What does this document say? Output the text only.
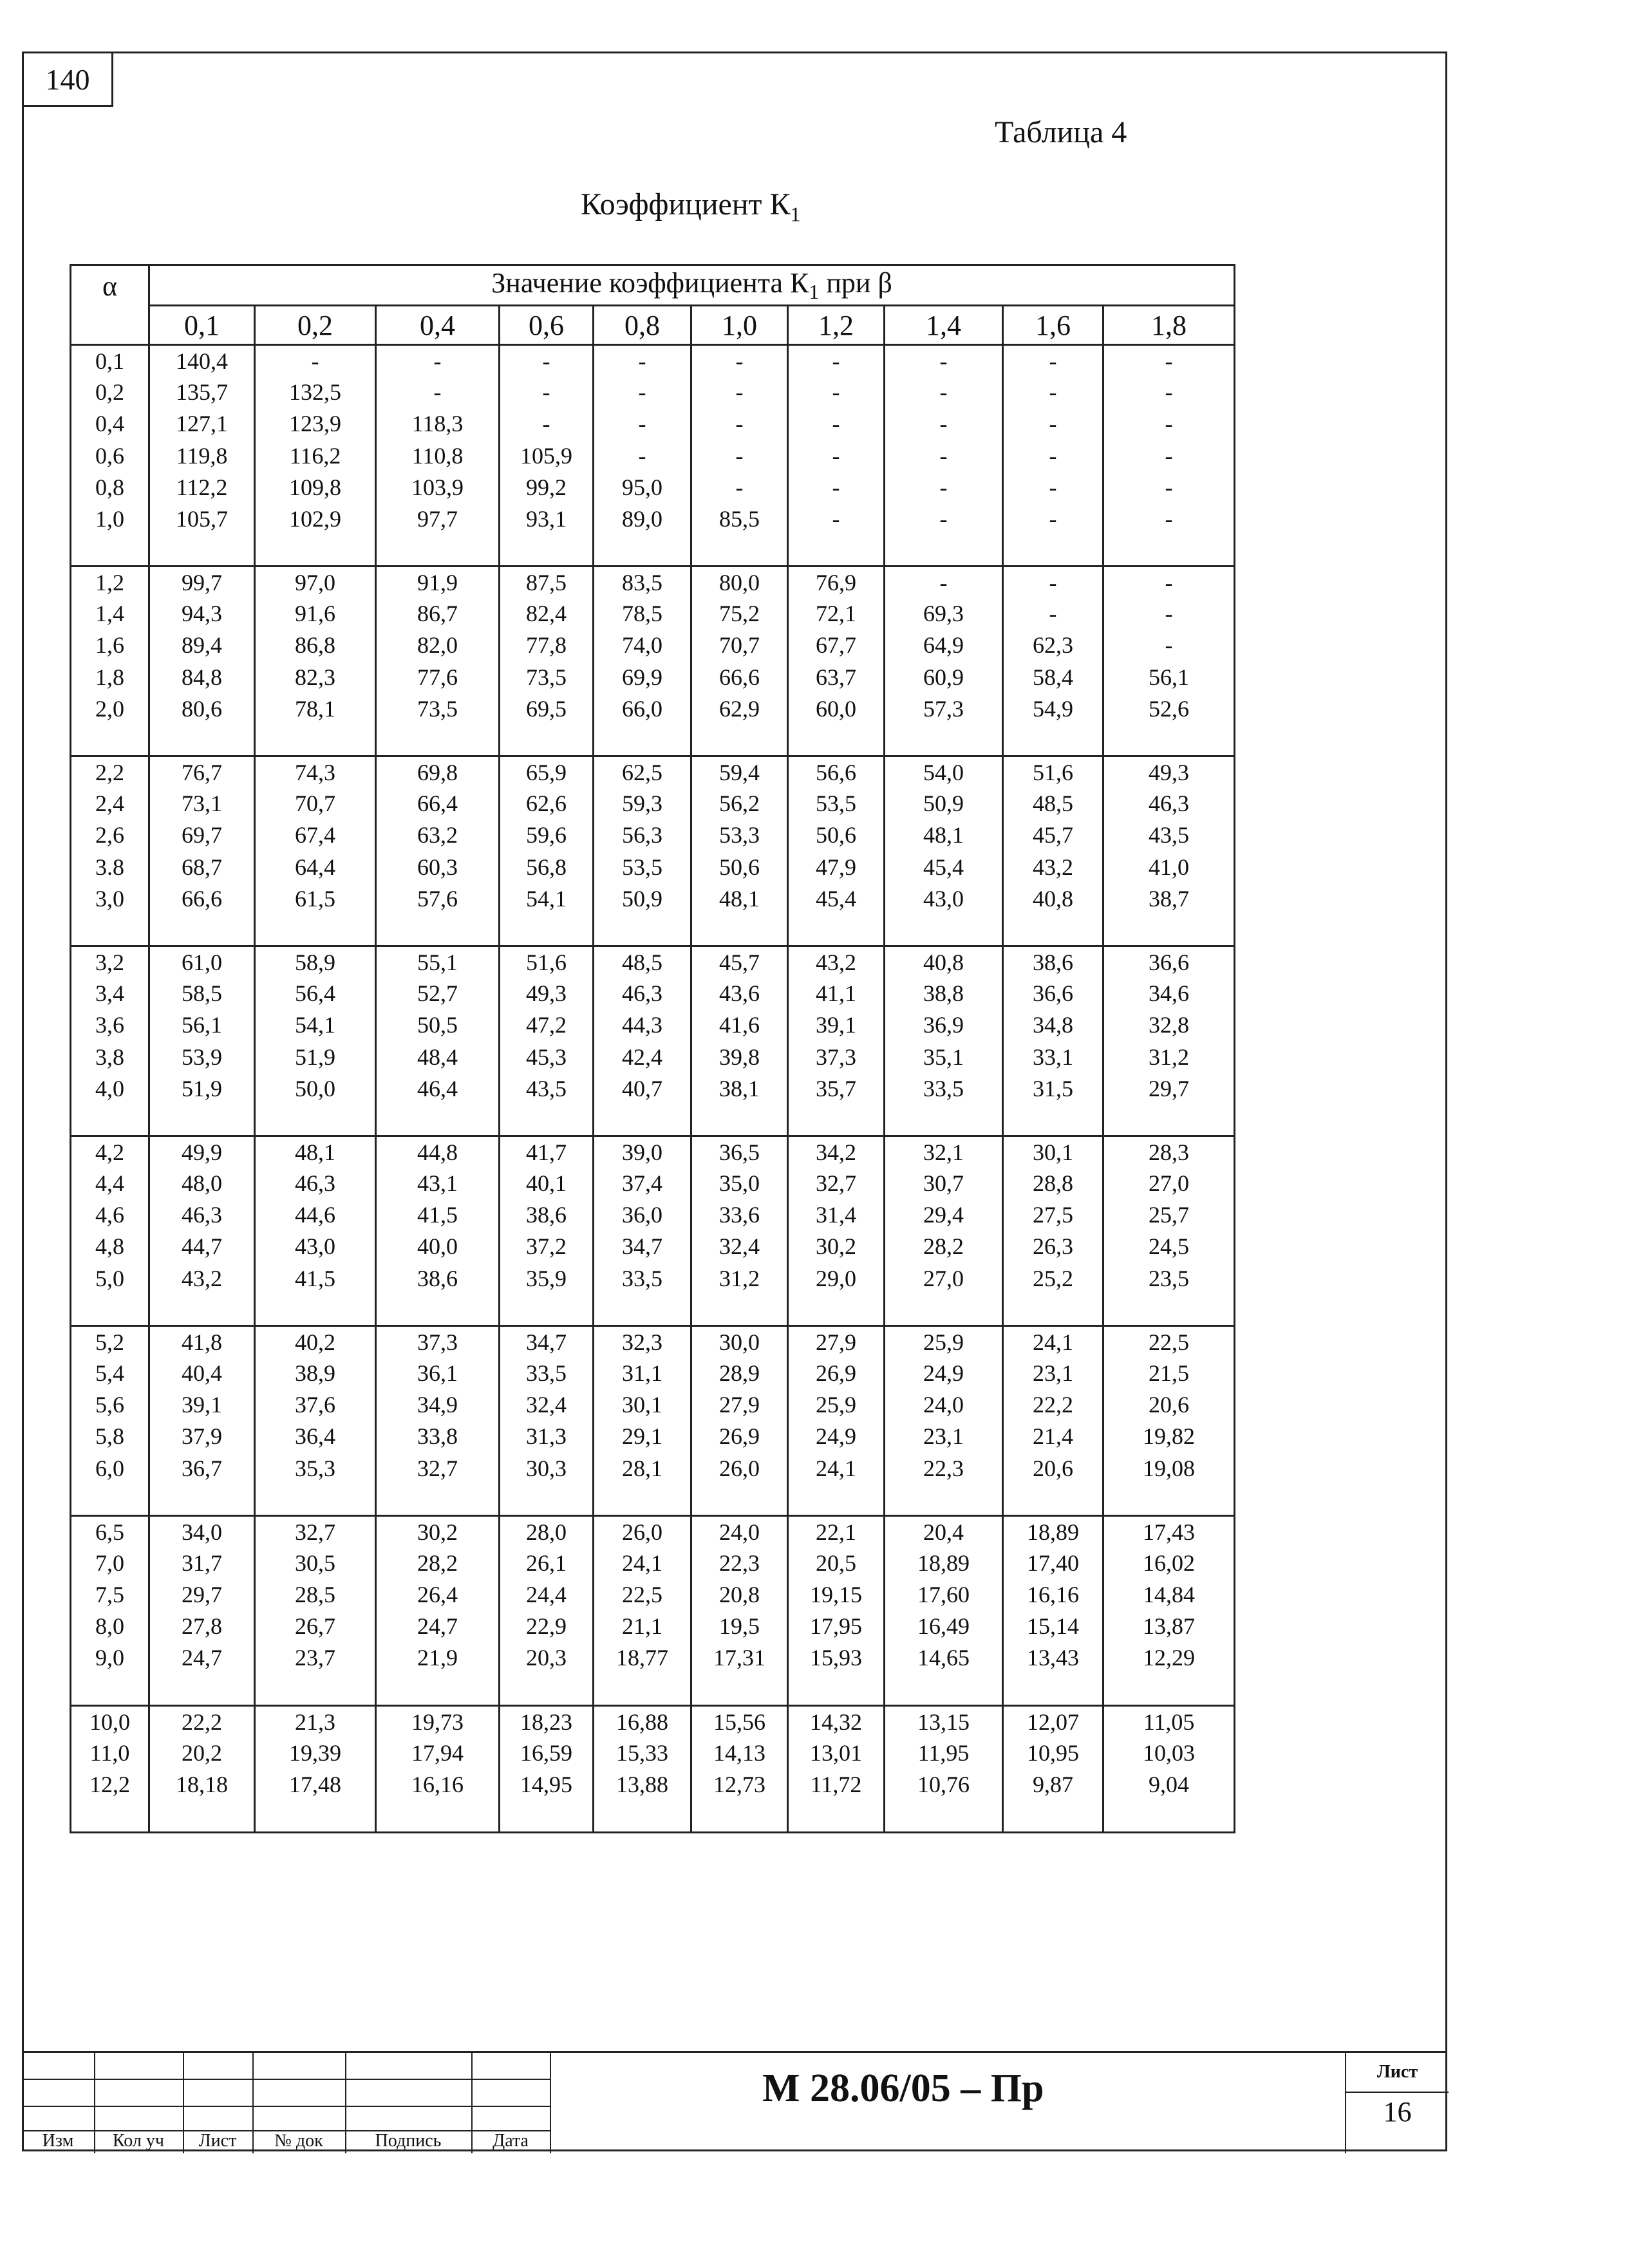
140
Таблица 4
Коэффициент $К_1$
α	Значение коэффициента $К_1$ при β									
	0,1	0,2	0,4	0,6	0,8	1,0	1,2	1,4	1,6	1,8
0,1	140,4	-	-	-	-	-	-	-	-	-
0,2	135,7	132,5	-	-	-	-	-	-	-	-
0,4	127,1	123,9	118,3	-	-	-	-	-	-	-
0,6	119,8	116,2	110,8	105,9	-	-	-	-	-	-
0,8	112,2	109,8	103,9	99,2	95,0	-	-	-	-	-
1,0	105,7	102,9	97,7	93,1	89,0	85,5	-	-	-	-

1,2	99,7	97,0	91,9	87,5	83,5	80,0	76,9	-	-	-
1,4	94,3	91,6	86,7	82,4	78,5	75,2	72,1	69,3	-	-
1,6	89,4	86,8	82,0	77,8	74,0	70,7	67,7	64,9	62,3	-
1,8	84,8	82,3	77,6	73,5	69,9	66,6	63,7	60,9	58,4	56,1
2,0	80,6	78,1	73,5	69,5	66,0	62,9	60,0	57,3	54,9	52,6

2,2	76,7	74,3	69,8	65,9	62,5	59,4	56,6	54,0	51,6	49,3
2,4	73,1	70,7	66,4	62,6	59,3	56,2	53,5	50,9	48,5	46,3
2,6	69,7	67,4	63,2	59,6	56,3	53,3	50,6	48,1	45,7	43,5
3.8	68,7	64,4	60,3	56,8	53,5	50,6	47,9	45,4	43,2	41,0
3,0	66,6	61,5	57,6	54,1	50,9	48,1	45,4	43,0	40,8	38,7

3,2	61,0	58,9	55,1	51,6	48,5	45,7	43,2	40,8	38,6	36,6
3,4	58,5	56,4	52,7	49,3	46,3	43,6	41,1	38,8	36,6	34,6
3,6	56,1	54,1	50,5	47,2	44,3	41,6	39,1	36,9	34,8	32,8
3,8	53,9	51,9	48,4	45,3	42,4	39,8	37,3	35,1	33,1	31,2
4,0	51,9	50,0	46,4	43,5	40,7	38,1	35,7	33,5	31,5	29,7

4,2	49,9	48,1	44,8	41,7	39,0	36,5	34,2	32,1	30,1	28,3
4,4	48,0	46,3	43,1	40,1	37,4	35,0	32,7	30,7	28,8	27,0
4,6	46,3	44,6	41,5	38,6	36,0	33,6	31,4	29,4	27,5	25,7
4,8	44,7	43,0	40,0	37,2	34,7	32,4	30,2	28,2	26,3	24,5
5,0	43,2	41,5	38,6	35,9	33,5	31,2	29,0	27,0	25,2	23,5

5,2	41,8	40,2	37,3	34,7	32,3	30,0	27,9	25,9	24,1	22,5
5,4	40,4	38,9	36,1	33,5	31,1	28,9	26,9	24,9	23,1	21,5
5,6	39,1	37,6	34,9	32,4	30,1	27,9	25,9	24,0	22,2	20,6
5,8	37,9	36,4	33,8	31,3	29,1	26,9	24,9	23,1	21,4	19,82
6,0	36,7	35,3	32,7	30,3	28,1	26,0	24,1	22,3	20,6	19,08

6,5	34,0	32,7	30,2	28,0	26,0	24,0	22,1	20,4	18,89	17,43
7,0	31,7	30,5	28,2	26,1	24,1	22,3	20,5	18,89	17,40	16,02
7,5	29,7	28,5	26,4	24,4	22,5	20,8	19,15	17,60	16,16	14,84
8,0	27,8	26,7	24,7	22,9	21,1	19,5	17,95	16,49	15,14	13,87
9,0	24,7	23,7	21,9	20,3	18,77	17,31	15,93	14,65	13,43	12,29

10,0	22,2	21,3	19,73	18,23	16,88	15,56	14,32	13,15	12,07	11,05
11,0	20,2	19,39	17,94	16,59	15,33	14,13	13,01	11,95	10,95	10,03
12,2	18,18	17,48	16,16	14,95	13,88	12,73	11,72	10,76	9,87	9,04

Изм	Кол уч	Лист	№ док	Подпись	Дата
М 28.06/05 – Пр	Лист
16
